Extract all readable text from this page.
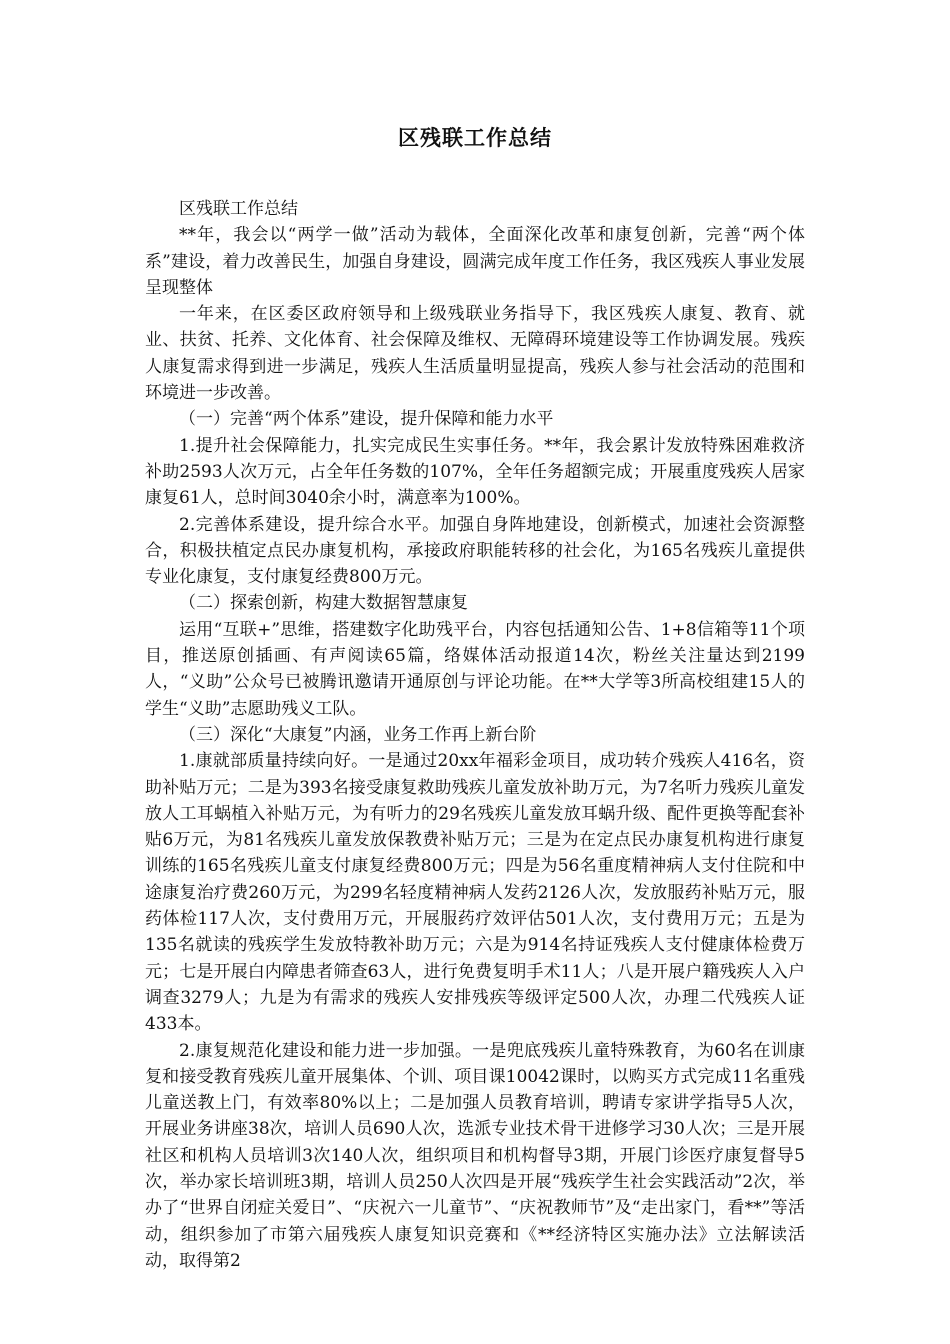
区残联工作总结

区残联工作总结

**年，我会以“两学一做”活动为载体，全面深化改革和康复创新，完善“两个体系”建设，着力改善民生，加强自身建设，圆满完成年度工作任务，我区残疾人事业发展呈现整体

一年来，在区委区政府领导和上级残联业务指导下，我区残疾人康复、教育、就业、扶贫、托养、文化体育、社会保障及维权、无障碍环境建设等工作协调发展。残疾人康复需求得到进一步满足，残疾人生活质量明显提高，残疾人参与社会活动的范围和环境进一步改善。

（一）完善“两个体系”建设，提升保障和能力水平

1.提升社会保障能力，扎实完成民生实事任务。**年，我会累计发放特殊困难救济补助2593人次万元，占全年任务数的107%，全年任务超额完成；开展重度残疾人居家康复61人，总时间3040余小时，满意率为100%。

2.完善体系建设，提升综合水平。加强自身阵地建设，创新模式，加速社会资源整合，积极扶植定点民办康复机构，承接政府职能转移的社会化，为165名残疾儿童提供专业化康复，支付康复经费800万元。

（二）探索创新，构建大数据智慧康复

运用“互联+”思维，搭建数字化助残平台，内容包括通知公告、1+8信箱等11个项目，推送原创插画、有声阅读65篇，络媒体活动报道14次，粉丝关注量达到2199人，“义助”公众号已被腾讯邀请开通原创与评论功能。在**大学等3所高校组建15人的学生“义助”志愿助残义工队。

（三）深化“大康复”内涵，业务工作再上新台阶

1.康就部质量持续向好。一是通过20xx年福彩金项目，成功转介残疾人416名，资助补贴万元；二是为393名接受康复救助残疾儿童发放补助万元，为7名听力残疾儿童发放人工耳蜗植入补贴万元，为有听力的29名残疾儿童发放耳蜗升级、配件更换等配套补贴6万元，为81名残疾儿童发放保教费补贴万元；三是为在定点民办康复机构进行康复训练的165名残疾儿童支付康复经费800万元；四是为56名重度精神病人支付住院和中途康复治疗费260万元，为299名轻度精神病人发药2126人次，发放服药补贴万元，服药体检117人次，支付费用万元，开展服药疗效评估501人次，支付费用万元；五是为135名就读的残疾学生发放特教补助万元；六是为914名持证残疾人支付健康体检费万元；七是开展白内障患者筛查63人，进行免费复明手术11人；八是开展户籍残疾人入户调查3279人；九是为有需求的残疾人安排残疾等级评定500人次，办理二代残疾人证433本。

2.康复规范化建设和能力进一步加强。一是兜底残疾儿童特殊教育，为60名在训康复和接受教育残疾儿童开展集体、个训、项目课10042课时，以购买方式完成11名重残儿童送教上门，有效率80%以上；二是加强人员教育培训，聘请专家讲学指导5人次，开展业务讲座38次，培训人员690人次，选派专业技术骨干进修学习30人次；三是开展社区和机构人员培训3次140人次，组织项目和机构督导3期，开展门诊医疗康复督导5次，举办家长培训班3期，培训人员250人次四是开展“残疾学生社会实践活动”2次，举办了“世界自闭症关爱日”、“庆祝六一儿童节”、“庆祝教师节”及“走出家门，看**”等活动，组织参加了市第六届残疾人康复知识竞赛和《**经济特区实施办法》立法解读活动，取得第2
